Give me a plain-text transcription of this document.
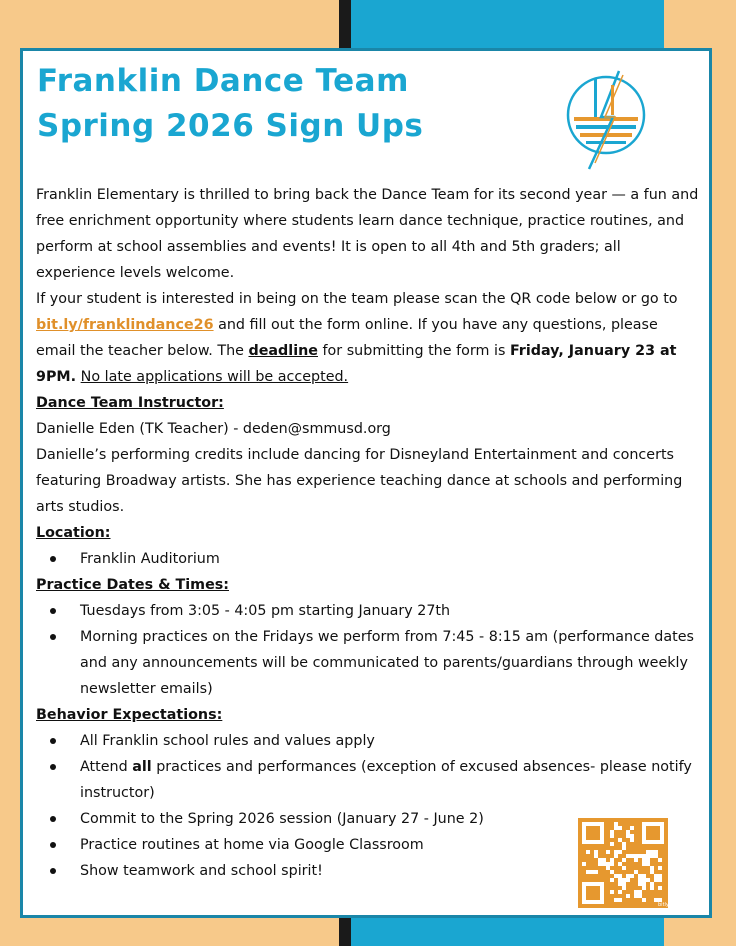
Franklin Dance Team
Spring 2026 Sign Ups

Franklin Elementary is thrilled to bring back the Dance Team for its second year — a fun and free enrichment opportunity where students learn dance technique, practice routines, and perform at school assemblies and events! It is open to all 4th and 5th graders; all experience levels welcome.

If your student is interested in being on the team please scan the QR code below or go to bit.ly/franklindance26 and fill out the form online. If you have any questions, please email the teacher below. The deadline for submitting the form is Friday, January 23 at 9PM. No late applications will be accepted.

Dance Team Instructor:

Danielle Eden (TK Teacher) - deden@smmusd.org

Danielle’s performing credits include dancing for Disneyland Entertainment and concerts featuring Broadway artists. She has experience teaching dance at schools and performing arts studios.

Location:

Franklin Auditorium

Practice Dates & Times:

Tuesdays from 3:05 - 4:05 pm starting January 27th
Morning practices on the Fridays we perform from 7:45 - 8:15 am (performance dates and any announcements will be communicated to parents/guardians through weekly newsletter emails)

Behavior Expectations:

All Franklin school rules and values apply
Attend all practices and performances (exception of excused absences- please notify instructor)
Commit to the Spring 2026 session (January 27 - June 2)
Practice routines at home via Google Classroom
Show teamwork and school spirit!
bitly
